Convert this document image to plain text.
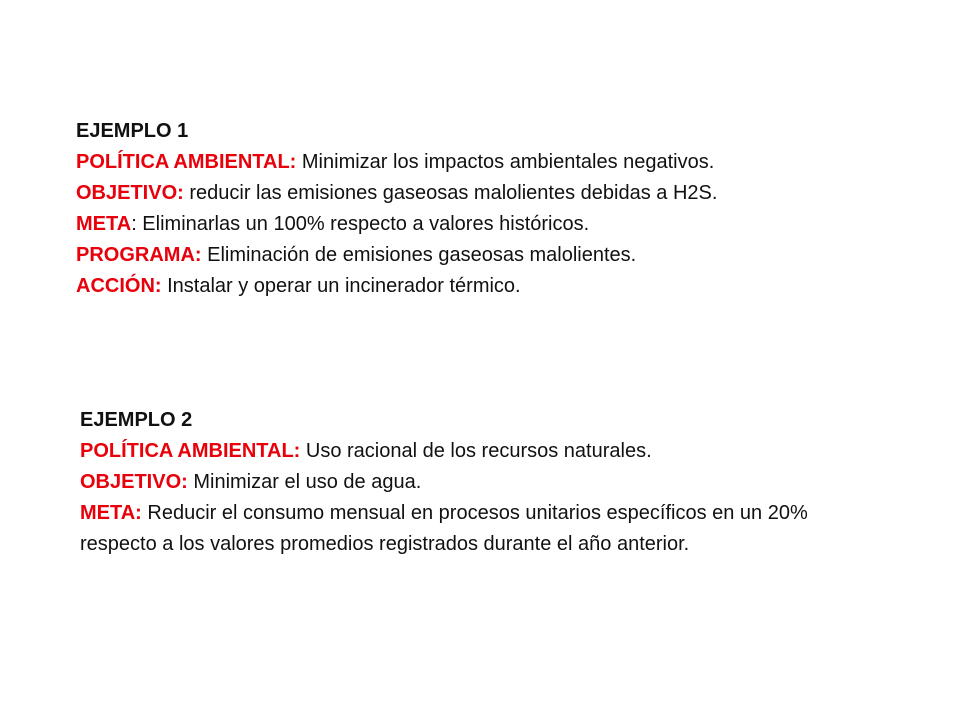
EJEMPLO 1
POLÍTICA AMBIENTAL: Minimizar los impactos ambientales negativos.
OBJETIVO: reducir las emisiones gaseosas malolientes debidas a H2S.
META: Eliminarlas un 100% respecto a valores históricos.
PROGRAMA: Eliminación de emisiones gaseosas malolientes.
ACCIÓN: Instalar y operar un incinerador térmico.
EJEMPLO 2
POLÍTICA AMBIENTAL: Uso racional de los recursos naturales.
OBJETIVO: Minimizar el uso de agua.
META: Reducir el consumo mensual en procesos unitarios específicos en un 20% respecto a los valores promedios registrados durante el año anterior.
